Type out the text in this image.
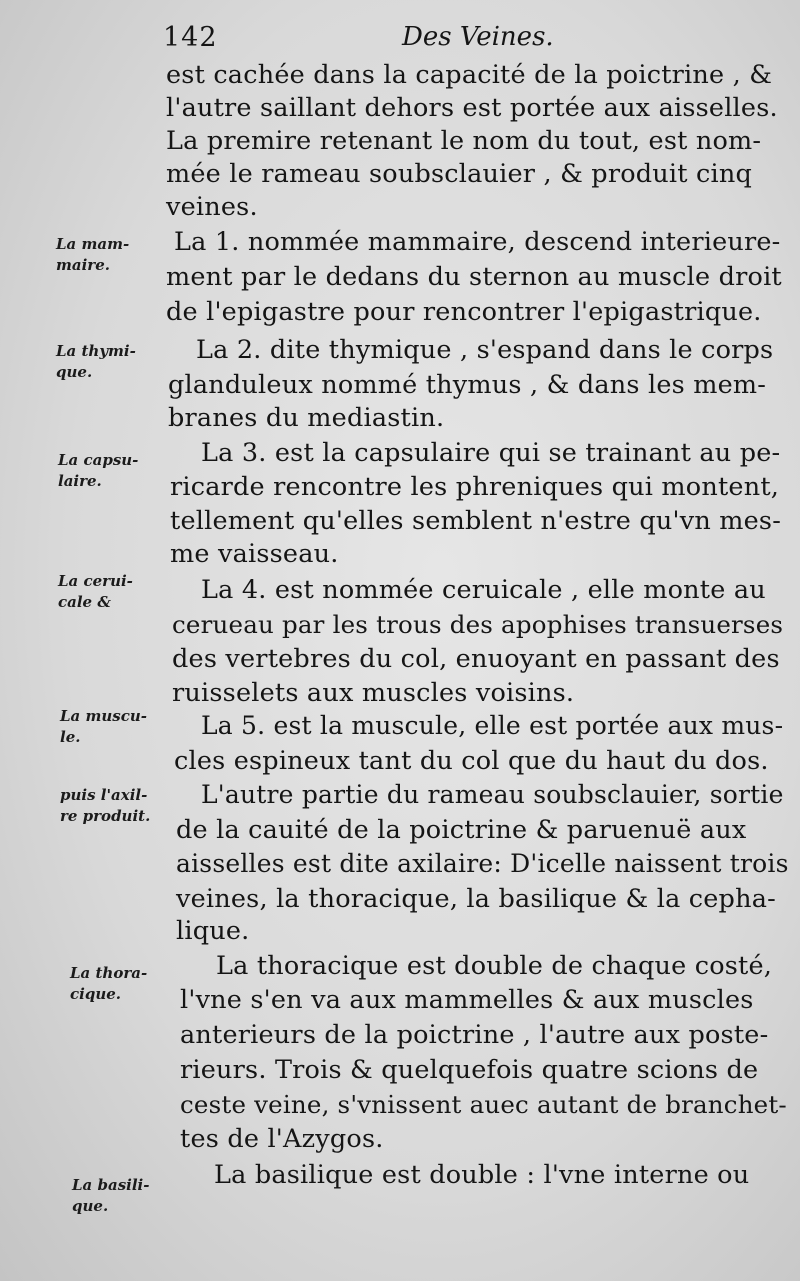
142	Des Veines.
est cachée dans la capacité de la poictrine , &
l'autre saillant dehors est portée aux aisselles.
La premire retenant le nom du tout, est nom-
mée le rameau soubsclauier , & produit cinq
veines.
La 1. nommée mammaire, descend interieure-
ment par le dedans du sternon au muscle droit
de l'epigastre pour rencontrer l'epigastrique.
La 2. dite thymique , s'espand dans le corps
glanduleux nommé thymus , & dans les mem-
branes du mediastin.
La 3. est la capsulaire qui se trainant au pe-
ricarde rencontre les phreniques qui montent,
tellement qu'elles semblent n'estre qu'vn mes-
me vaisseau.
La 4. est nommée ceruicale , elle monte au
cerueau par les trous des apophises transuerses
des vertebres du col, enuoyant en passant des
ruisselets aux muscles voisins.
La 5. est la muscule, elle est portée aux mus-
cles espineux tant du col que du haut du dos.
L'autre partie du rameau soubsclauier, sortie
de la cauité de la poictrine & paruenuë aux
aisselles est dite axilaire: D'icelle naissent trois
veines, la thoracique, la basilique & la cepha-
lique.
La thoracique est double de chaque costé,
l'vne s'en va aux mammelles & aux muscles
anterieurs de la poictrine , l'autre aux poste-
rieurs. Trois & quelquefois quatre scions de
ceste veine, s'vnissent auec autant de branchet-
tes de l'Azygos.
La basilique est double : l'vne interne ou
La mam-
maire.
La thymi-
que.
La capsu-
laire.
La cerui-
cale &
La muscu-
le.
puis l'axil-
re produit.
La thora-
cique.
La basili-
que.
